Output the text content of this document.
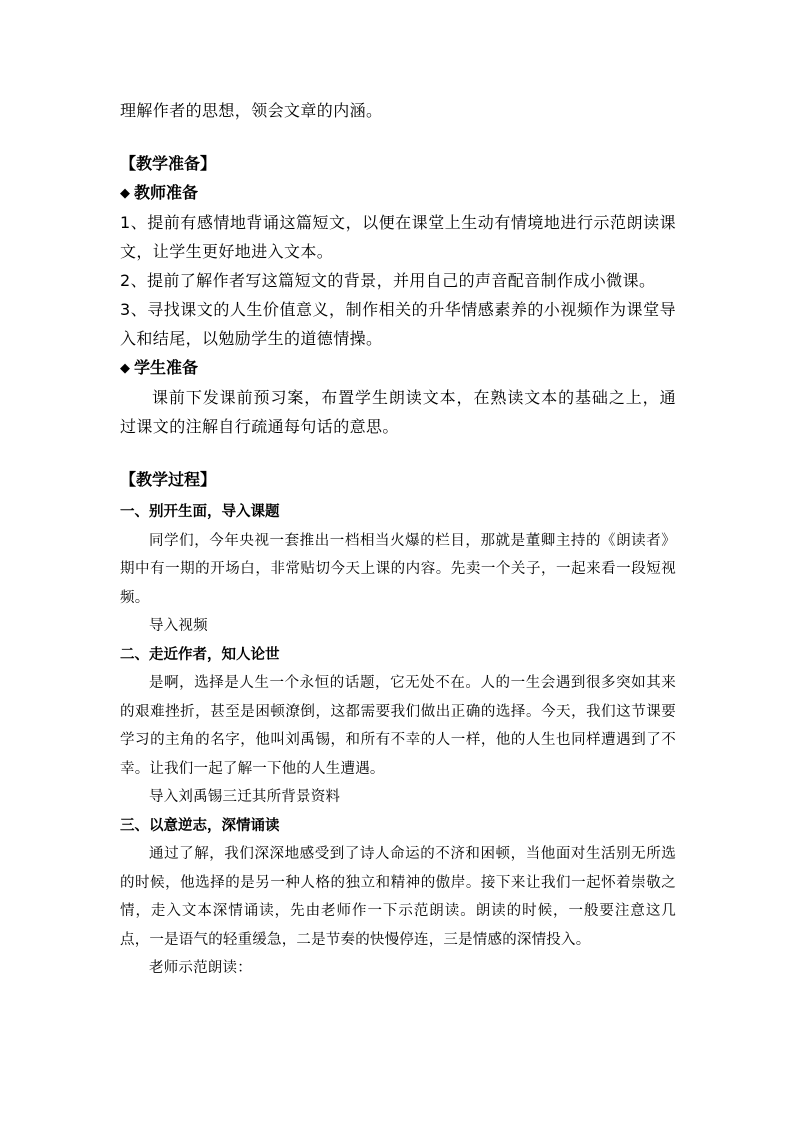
理解作者的思想，领会文章的内涵。

【教学准备】

◆ 教师准备

1、提前有感情地背诵这篇短文，以便在课堂上生动有情境地进行示范朗读课文，让学生更好地进入文本。

2、提前了解作者写这篇短文的背景，并用自己的声音配音制作成小微课。

3、寻找课文的人生价值意义，制作相关的升华情感素养的小视频作为课堂导入和结尾，以勉励学生的道德情操。

◆ 学生准备

课前下发课前预习案，布置学生朗读文本，在熟读文本的基础之上，通过课文的注解自行疏通每句话的意思。

【教学过程】

一、别开生面，导入课题

同学们，今年央视一套推出一档相当火爆的栏目，那就是董卿主持的《朗读者》期中有一期的开场白，非常贴切今天上课的内容。先卖一个关子，一起来看一段短视频。

导入视频

二、走近作者，知人论世

是啊，选择是人生一个永恒的话题，它无处不在。人的一生会遇到很多突如其来的艰难挫折，甚至是困顿潦倒，这都需要我们做出正确的选择。今天，我们这节课要学习的主角的名字，他叫刘禹锡，和所有不幸的人一样，他的人生也同样遭遇到了不幸。让我们一起了解一下他的人生遭遇。

导入刘禹锡三迁其所背景资料

三、以意逆志，深情诵读

通过了解，我们深深地感受到了诗人命运的不济和困顿，当他面对生活别无所选的时候，他选择的是另一种人格的独立和精神的傲岸。接下来让我们一起怀着崇敬之情，走入文本深情诵读，先由老师作一下示范朗读。朗读的时候，一般要注意这几点，一是语气的轻重缓急，二是节奏的快慢停连，三是情感的深情投入。

老师示范朗读：
